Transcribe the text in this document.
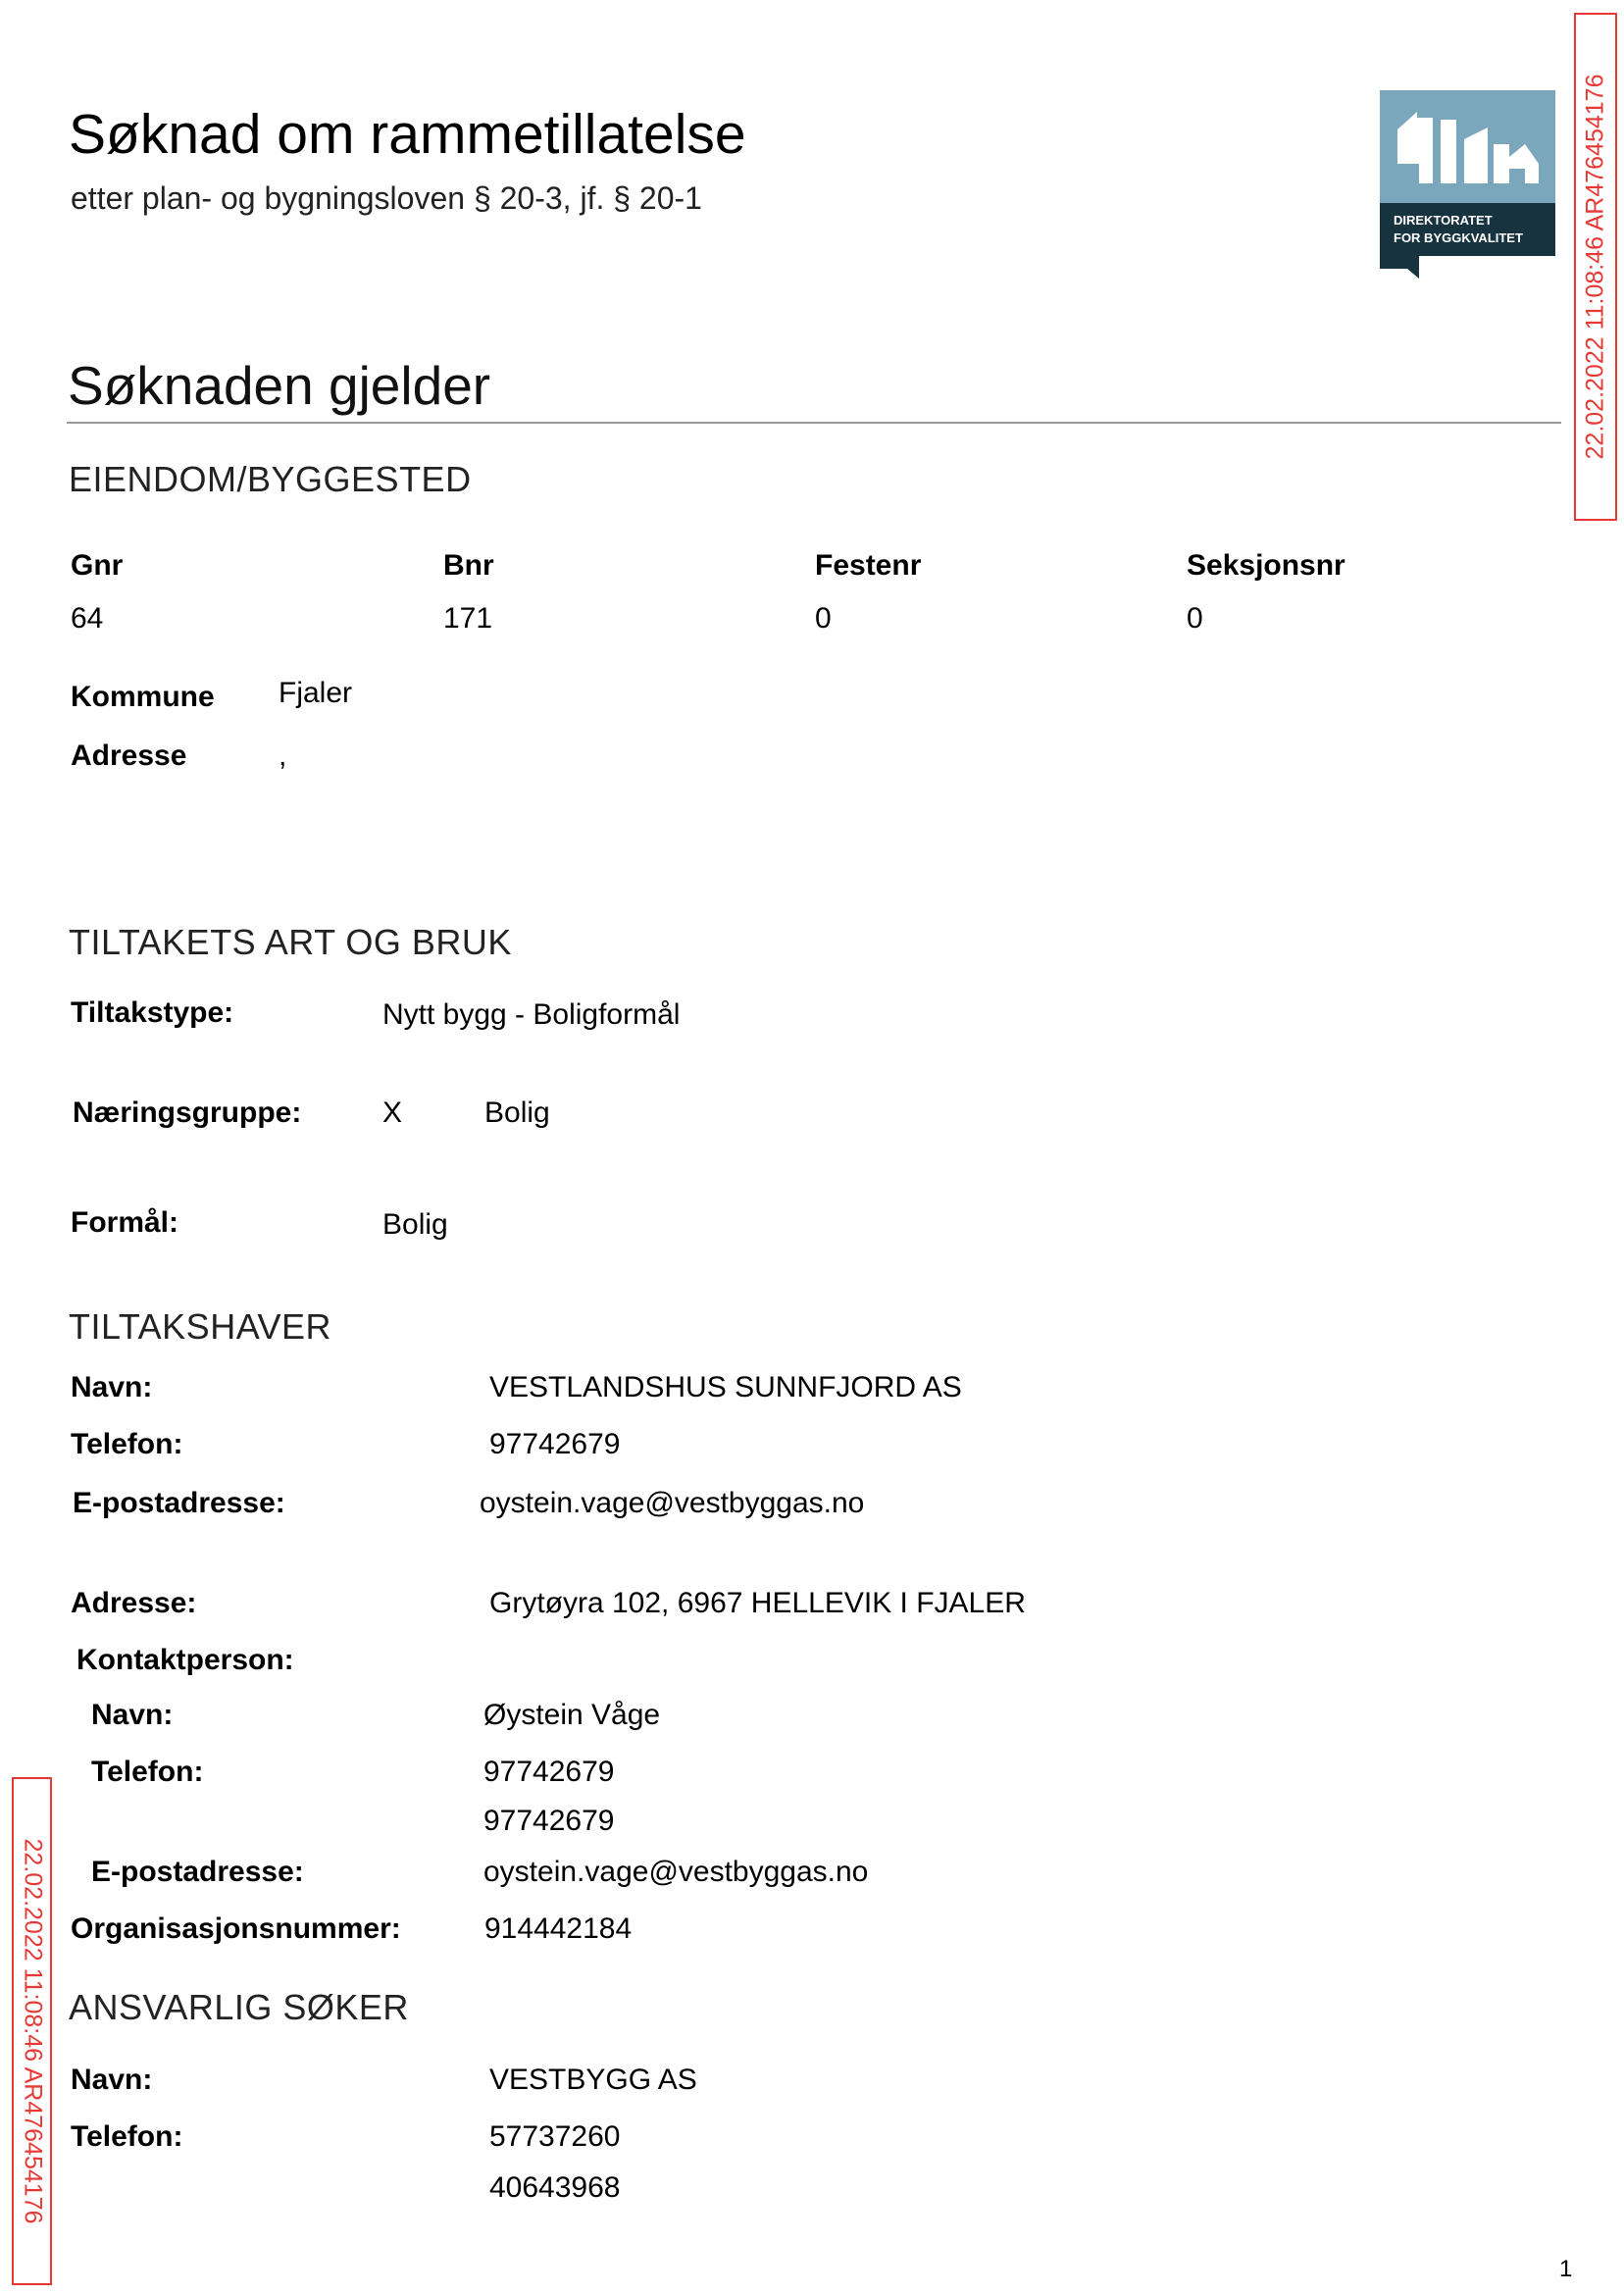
Søknad om rammetillatelse
etter plan- og bygningsloven § 20-3, jf. § 20-1
DIREKTORATET
FOR BYGGKVALITET 22.02.2022 11:08:46 AR476454176
Søknaden gjelder
EIENDOM/BYGGESTED
Gnr	Bnr	Festenr	Seksjonsnr
64	171	0	0
Kommune Fjaler
Adresse	,
TILTAKETS ART OG BRUK
Tiltakstype:	Nytt bygg - Boligformål
Næringsgruppe:	X	Bolig
Formål:	Bolig
TILTAKSHAVER
Navn:	VESTLANDSHUS SUNNFJORD AS
Telefon:	97742679
E-postadresse:	oystein.vage@vestbyggas.no
Adresse:	Grytøyra 102, 6967 HELLEVIK I FJALER
Kontaktperson:
Navn:	Øystein Våge
Telefon:	97742679
97742679
E-postadresse:	oystein.vage@vestbyggas.no
Organisasjonsnummer:	914442184
ANSVARLIG SØKER
Navn:	VESTBYGG AS
Telefon:	57737260
40643968
22.02.2022 11:08:46 AR476454176
1
